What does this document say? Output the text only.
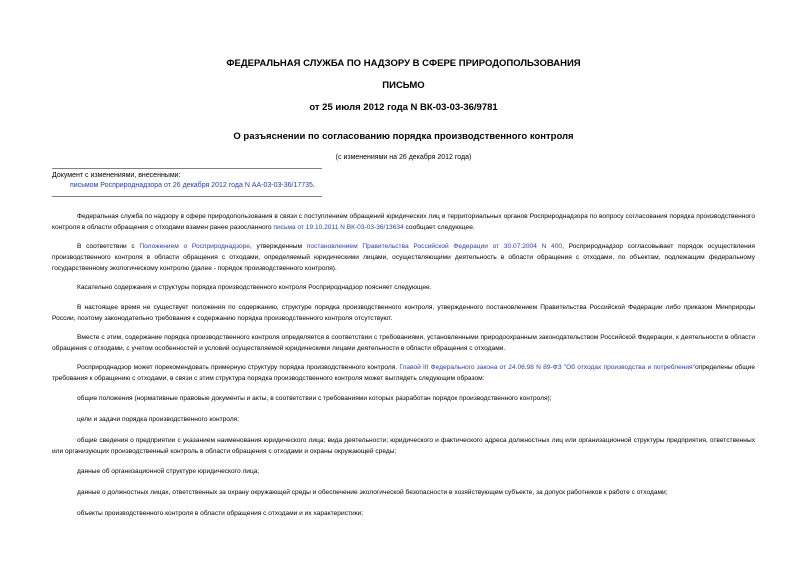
ФЕДЕРАЛЬНАЯ СЛУЖБА ПО НАДЗОРУ В СФЕРЕ ПРИРОДОПОЛЬЗОВАНИЯ
ПИСЬМО
от 25 июля 2012 года N ВК-03-03-36/9781
О разъяснении по согласованию порядка производственного контроля
(с изменениями на 26 декабря 2012 года)
Документ с изменениями, внесенными:
письмом Росприроднадзора от 26 декабря 2012 года N АА-03-03-36/17735.
Федеральная служба по надзору в сфере природопользования в связи с поступлением обращений юридических лиц и территориальных органов Росприроднадзора по вопросу согласования порядка производственного контроля в области обращения с отходами взамен ранее разосланного письма от 19.10.2011 N ВК-03-03-36/13634 сообщает следующее.
В соответствии с Положением о Росприроднадзоре, утвержденным постановлением Правительства Российской Федерации от 30.07.2004 N 400, Росприроднадзор согласовывает порядок осуществления производственного контроля в области обращения с отходами, определяемый юридическими лицами, осуществляющими деятельность в области обращения с отходами, по объектам, подлежащим федеральному государственному экологическому контролю (далее - порядок производственного контроля).
Касательно содержания и структуры порядка производственного контроля Росприроднадзор поясняет следующее.
В настоящее время не существует положения по содержанию, структуре порядка производственного контроля, утвержденного постановлением Правительства Российской Федерации либо приказом Минприроды России, поэтому законодательно требования к содержанию порядка производственного контроля отсутствуют.
Вместе с этим, содержание порядка производственного контроля определяется в соответствии с требованиями, установленными природоохранным законодательством Российской Федерации, к деятельности в области обращения с отходами, с учетом особенностей и условий осуществляемой юридическими лицами деятельности в области обращения с отходами.
Росприроднадзор может порекомендовать примерную структуру порядка производственного контроля. Главой III Федерального закона от 24.06.98 N 89-ФЗ "Об отходах производства и потребления"определены общие требования к обращению с отходами, в связи с этим структура порядка производственного контроля может выглядеть следующим образом:
общие положения (нормативные правовые документы и акты, в соответствии с требованиями которых разработан порядок производственного контроля);
цели и задачи порядка производственного контроля;
общие сведения о предприятии с указанием наименования юридического лица; вида деятельности; юридического и фактического адреса должностных лиц или организационной структуры предприятия, ответственных или организующих производственный контроль в области обращения с отходами и охраны окружающей среды;
данные об организационной структуре юридического лица;
данные о должностных лицах, ответственных за охрану окружающей среды и обеспечение экологической безопасности в хозяйствующем субъекте, за допуск работников к работе с отходами;
объекты производственного контроля в области обращения с отходами и их характеристики;
